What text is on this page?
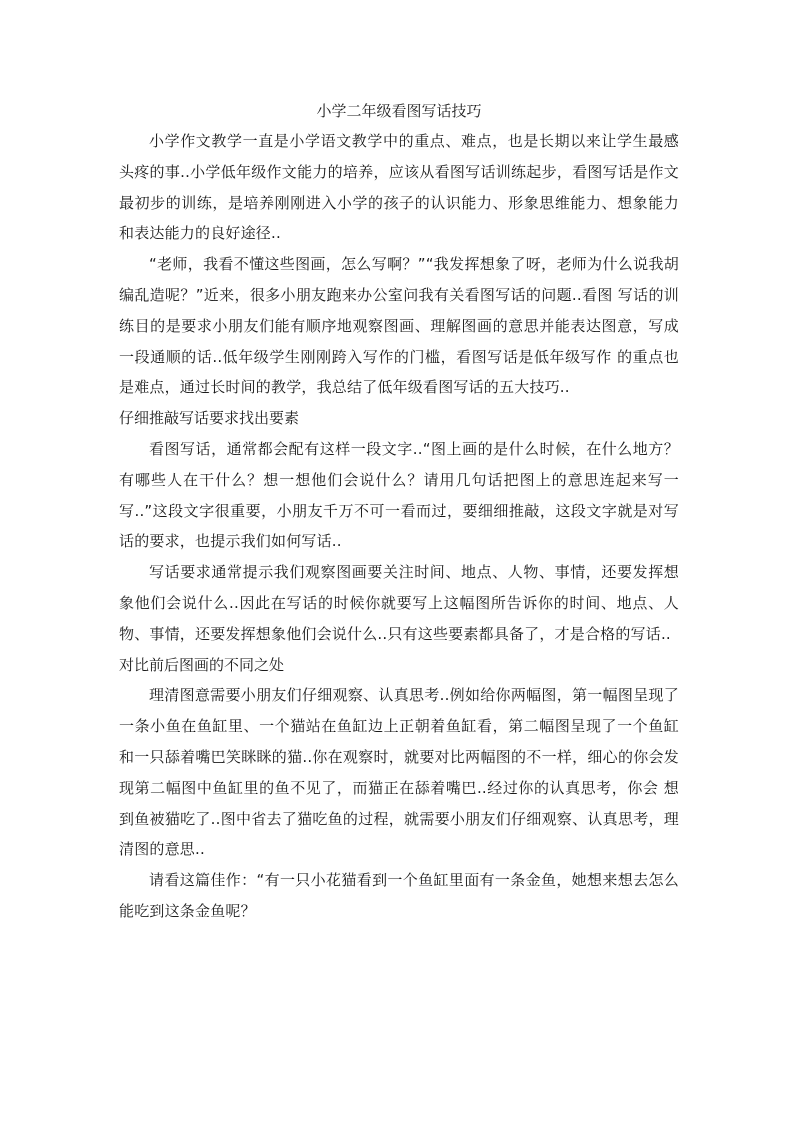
小学二年级看图写话技巧

小学作文教学一直是小学语文教学中的重点、难点，也是长期以来让学生最感头疼的事..小学低年级作文能力的培养，应该从看图写话训练起步，看图写话是作文最初步的训练，是培养刚刚进入小学的孩子的认识能力、形象思维能力、想象能力和表达能力的良好途径..

“老师，我看不懂这些图画，怎么写啊？”“我发挥想象了呀，老师为什么说我胡编乱造呢？”近来，很多小朋友跑来办公室问我有关看图写话的问题..看图 写话的训练目的是要求小朋友们能有顺序地观察图画、理解图画的意思并能表达图意，写成一段通顺的话..低年级学生刚刚跨入写作的门槛，看图写话是低年级写作 的重点也是难点，通过长时间的教学，我总结了低年级看图写话的五大技巧..

仔细推敲写话要求找出要素

看图写话，通常都会配有这样一段文字..“图上画的是什么时候，在什么地方？有哪些人在干什么？想一想他们会说什么？请用几句话把图上的意思连起来写一写..”这段文字很重要，小朋友千万不可一看而过，要细细推敲，这段文字就是对写话的要求，也提示我们如何写话..

写话要求通常提示我们观察图画要关注时间、地点、人物、事情，还要发挥想象他们会说什么..因此在写话的时候你就要写上这幅图所告诉你的时间、地点、人物、事情，还要发挥想象他们会说什么..只有这些要素都具备了，才是合格的写话..

对比前后图画的不同之处

理清图意需要小朋友们仔细观察、认真思考..例如给你两幅图，第一幅图呈现了一条小鱼在鱼缸里、一个猫站在鱼缸边上正朝着鱼缸看，第二幅图呈现了一个鱼缸 和一只舔着嘴巴笑眯眯的猫..你在观察时，就要对比两幅图的不一样，细心的你会发现第二幅图中鱼缸里的鱼不见了，而猫正在舔着嘴巴..经过你的认真思考，你会 想到鱼被猫吃了..图中省去了猫吃鱼的过程，就需要小朋友们仔细观察、认真思考，理清图的意思..

请看这篇佳作：“有一只小花猫看到一个鱼缸里面有一条金鱼，她想来想去怎么能吃到这条金鱼呢？
